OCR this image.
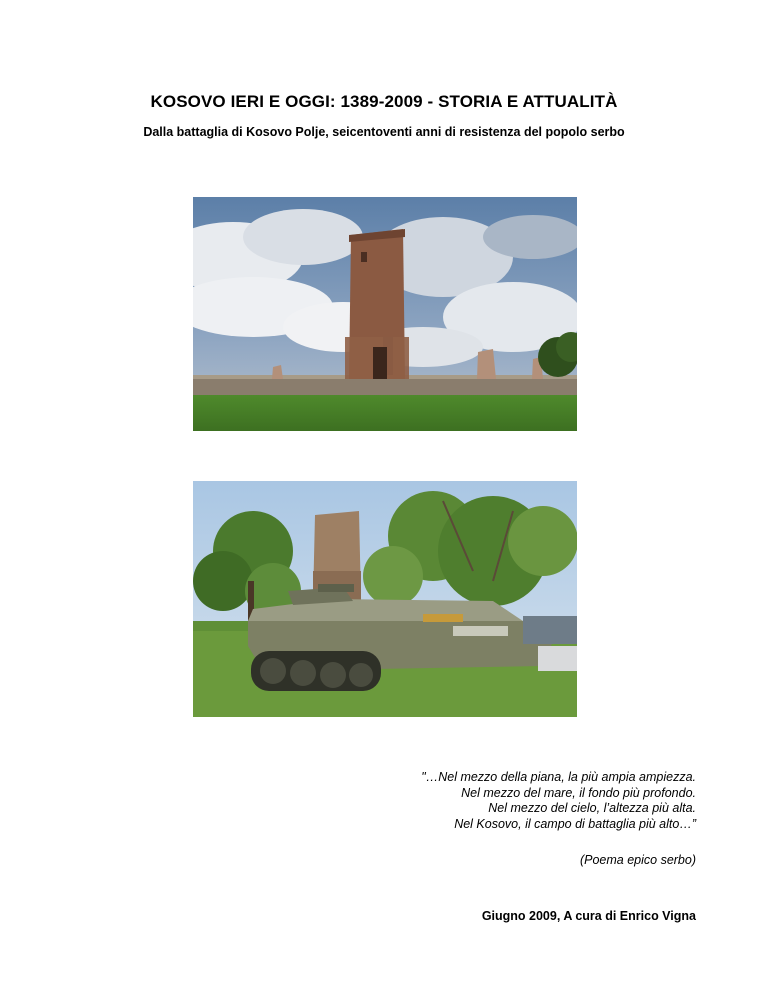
KOSOVO IERI E OGGI: 1389-2009 - STORIA E ATTUALITÀ
Dalla battaglia di Kosovo Polje, seicentoventi anni di resistenza del popolo serbo
"…Nel mezzo della piana, la più ampia ampiezza.
Nel mezzo del mare, il fondo più profondo.
Nel mezzo del cielo, l’altezza più alta.
Nel Kosovo, il campo di battaglia più alto…”
(Poema epico serbo)
Giugno 2009, A cura di Enrico Vigna
